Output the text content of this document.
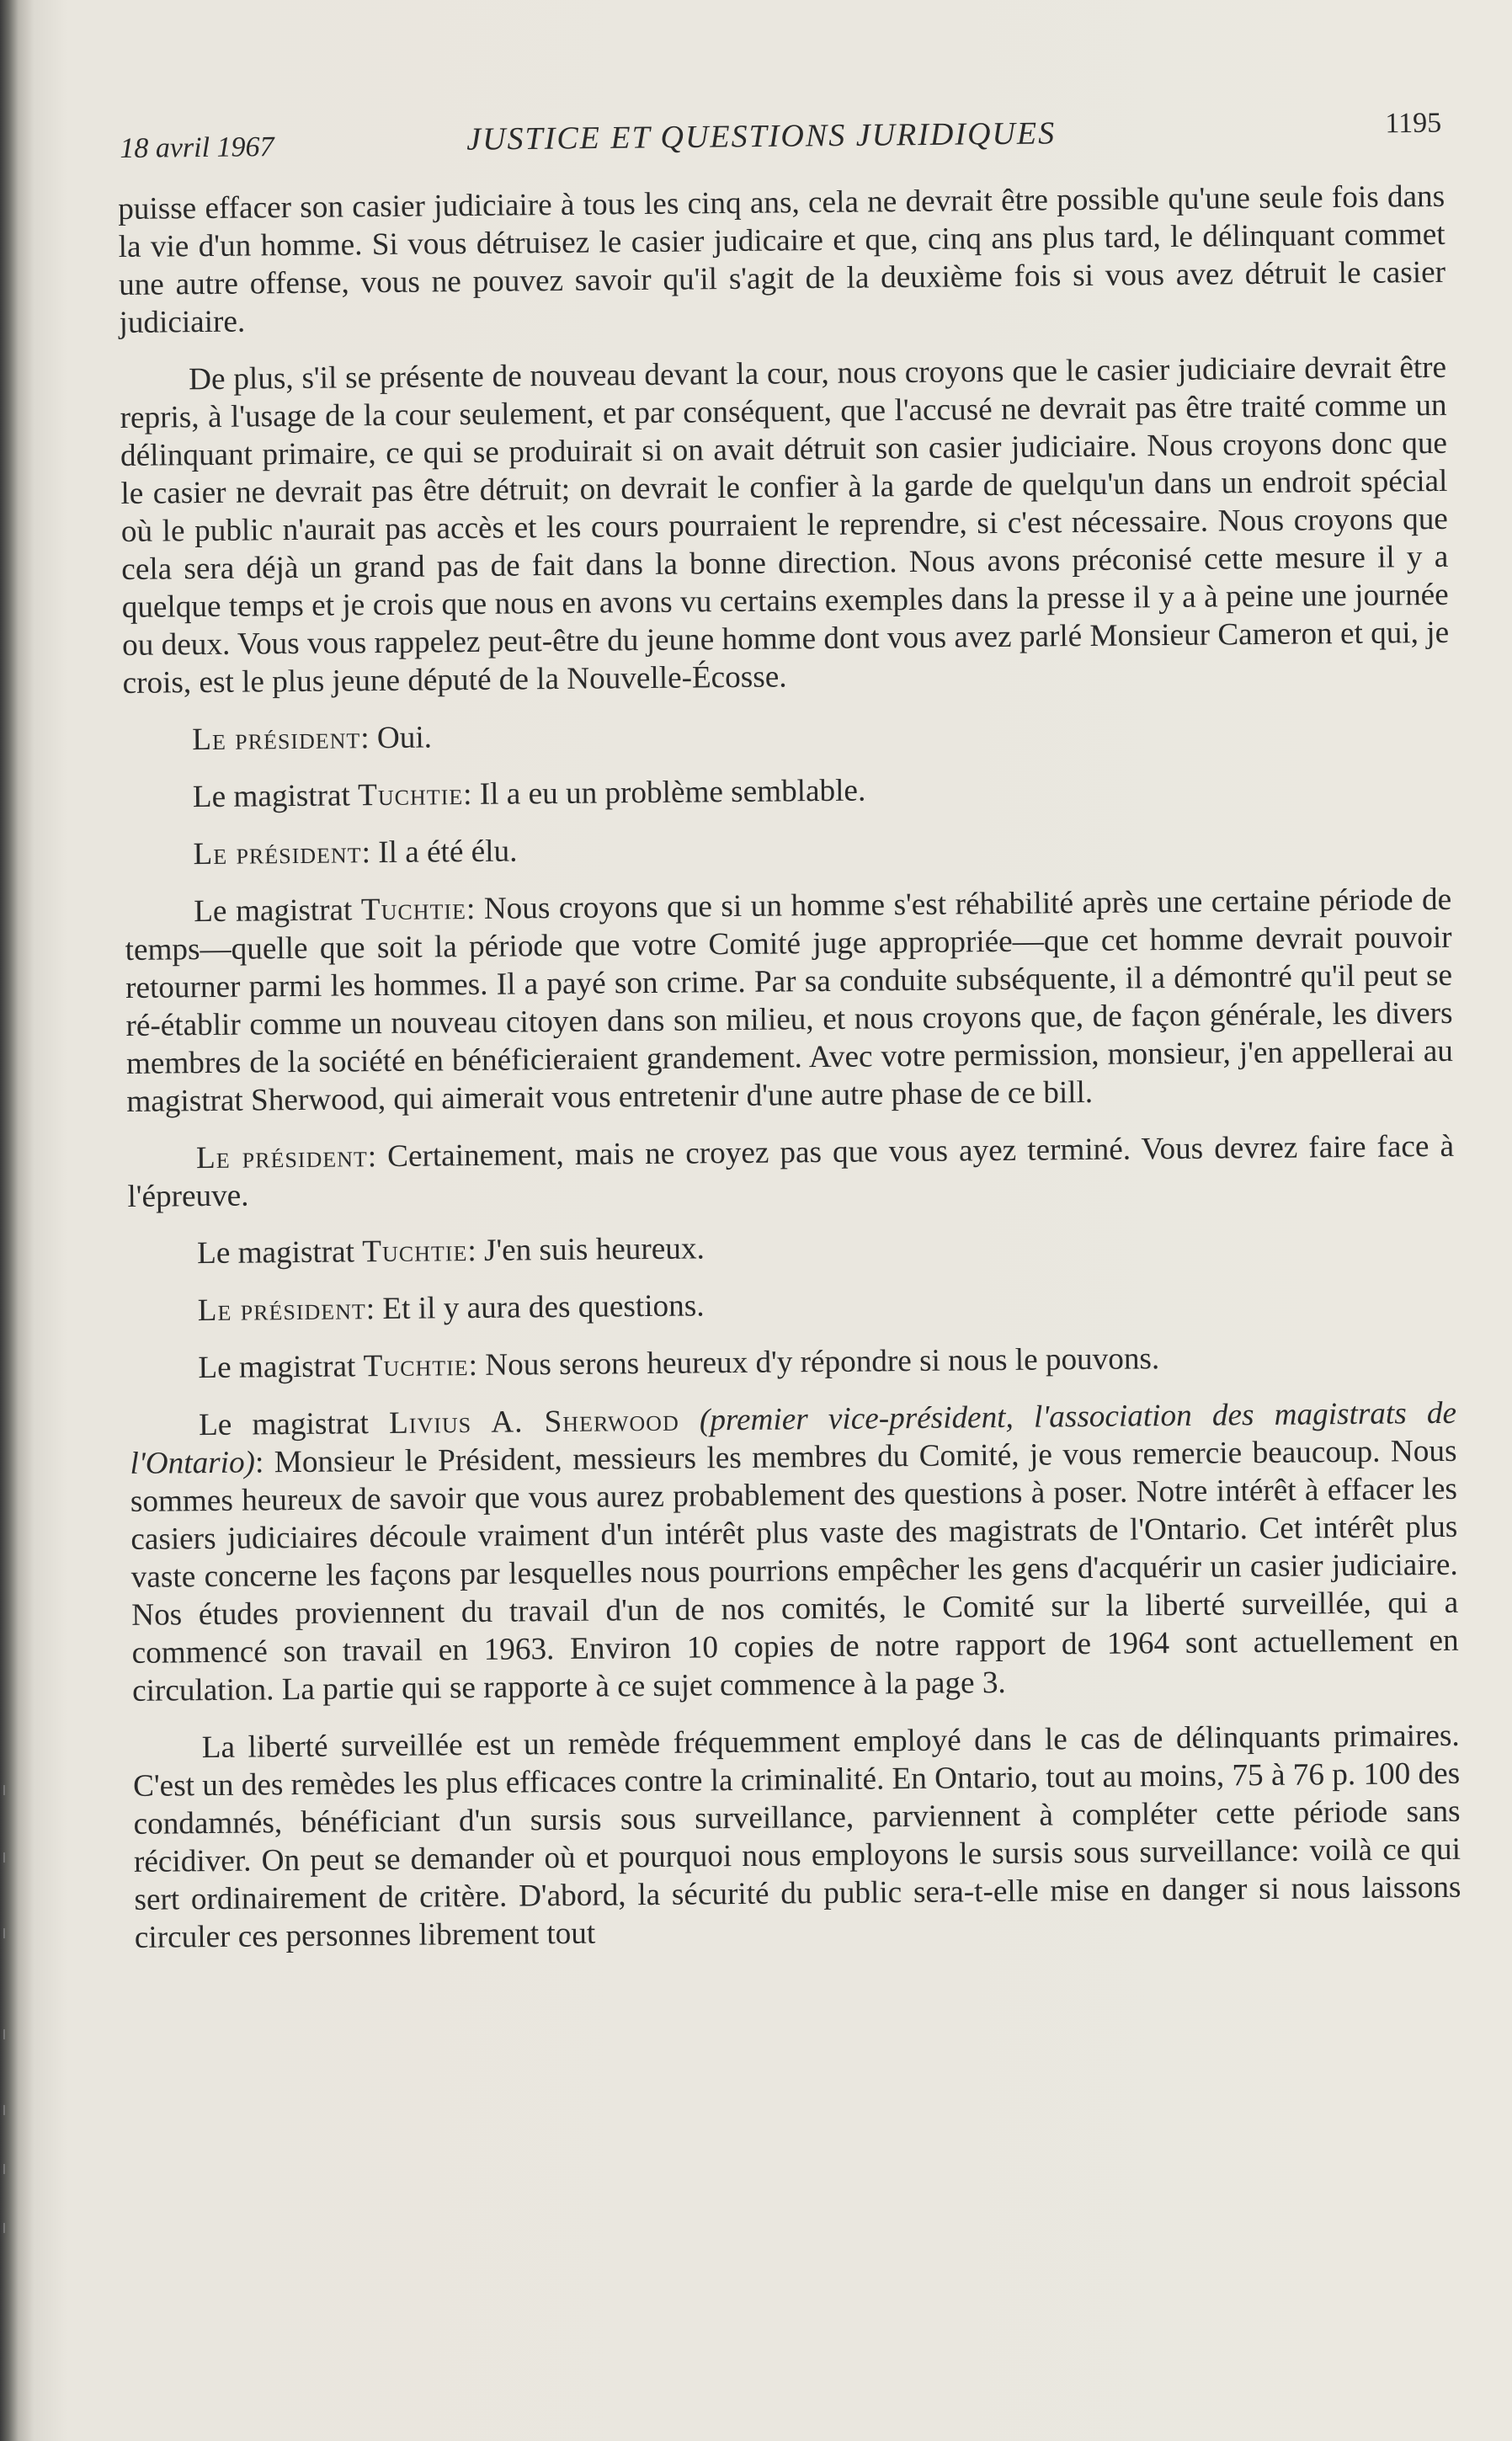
18 avril 1967	JUSTICE ET QUESTIONS JURIDIQUES	1195

puisse effacer son casier judiciaire à tous les cinq ans, cela ne devrait être possible qu'une seule fois dans la vie d'un homme. Si vous détruisez le casier judicaire et que, cinq ans plus tard, le délinquant commet une autre offense, vous ne pouvez savoir qu'il s'agit de la deuxième fois si vous avez détruit le casier judiciaire.

De plus, s'il se présente de nouveau devant la cour, nous croyons que le casier judiciaire devrait être repris, à l'usage de la cour seulement, et par conséquent, que l'accusé ne devrait pas être traité comme un délinquant primaire, ce qui se produirait si on avait détruit son casier judiciaire. Nous croyons donc que le casier ne devrait pas être détruit; on devrait le confier à la garde de quelqu'un dans un endroit spécial où le public n'aurait pas accès et les cours pourraient le reprendre, si c'est nécessaire. Nous croyons que cela sera déjà un grand pas de fait dans la bonne direction. Nous avons préconisé cette mesure il y a quelque temps et je crois que nous en avons vu certains exemples dans la presse il y a à peine une journée ou deux. Vous vous rappelez peut-être du jeune homme dont vous avez parlé Monsieur Cameron et qui, je crois, est le plus jeune député de la Nouvelle-Écosse.

Le président: Oui.

Le magistrat Tuchtie: Il a eu un problème semblable.

Le président: Il a été élu.

Le magistrat Tuchtie: Nous croyons que si un homme s'est réhabilité après une certaine période de temps—quelle que soit la période que votre Comité juge appropriée—que cet homme devrait pouvoir retourner parmi les hommes. Il a payé son crime. Par sa conduite subséquente, il a démontré qu'il peut se ré-établir comme un nouveau citoyen dans son milieu, et nous croyons que, de façon générale, les divers membres de la société en bénéficieraient grandement. Avec votre permission, monsieur, j'en appellerai au magistrat Sherwood, qui aimerait vous entretenir d'une autre phase de ce bill.

Le président: Certainement, mais ne croyez pas que vous ayez terminé. Vous devrez faire face à l'épreuve.

Le magistrat Tuchtie: J'en suis heureux.

Le président: Et il y aura des questions.

Le magistrat Tuchtie: Nous serons heureux d'y répondre si nous le pouvons.

Le magistrat Livius A. Sherwood (premier vice-président, l'association des magistrats de l'Ontario): Monsieur le Président, messieurs les membres du Comité, je vous remercie beaucoup. Nous sommes heureux de savoir que vous aurez probablement des questions à poser. Notre intérêt à effacer les casiers judiciaires découle vraiment d'un intérêt plus vaste des magistrats de l'Ontario. Cet intérêt plus vaste concerne les façons par lesquelles nous pourrions empêcher les gens d'acquérir un casier judiciaire. Nos études proviennent du travail d'un de nos comités, le Comité sur la liberté surveillée, qui a commencé son travail en 1963. Environ 10 copies de notre rapport de 1964 sont actuellement en circulation. La partie qui se rapporte à ce sujet commence à la page 3.

La liberté surveillée est un remède fréquemment employé dans le cas de délinquants primaires. C'est un des remèdes les plus efficaces contre la criminalité. En Ontario, tout au moins, 75 à 76 p. 100 des condamnés, bénéficiant d'un sursis sous surveillance, parviennent à compléter cette période sans récidiver. On peut se demander où et pourquoi nous employons le sursis sous surveillance: voilà ce qui sert ordinairement de critère. D'abord, la sécurité du public sera-t-elle mise en danger si nous laissons circuler ces personnes librement tout
